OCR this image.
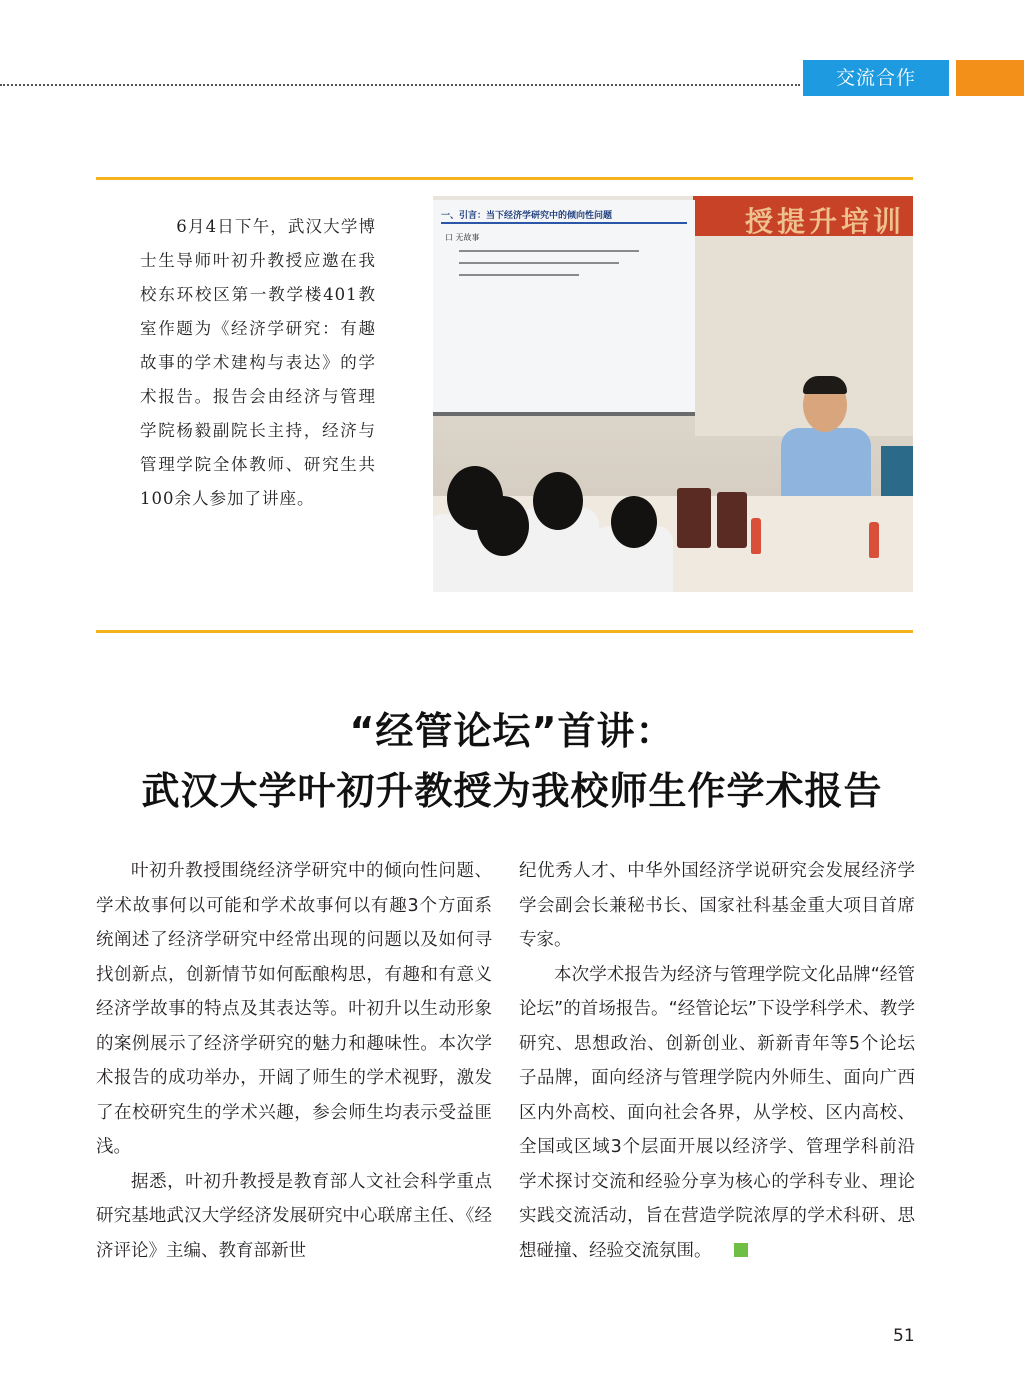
交流合作
6月4日下午，武汉大学博士生导师叶初升教授应邀在我校东环校区第一教学楼401教室作题为《经济学研究：有趣故事的学术建构与表达》的学术报告。报告会由经济与管理学院杨毅副院长主持，经济与管理学院全体教师、研究生共100余人参加了讲座。
授提升培训
一、引言：当下经济学研究中的倾向性问题
口 无故事
“经管论坛”首讲：
武汉大学叶初升教授为我校师生作学术报告

叶初升教授围绕经济学研究中的倾向性问题、学术故事何以可能和学术故事何以有趣3个方面系统阐述了经济学研究中经常出现的问题以及如何寻找创新点，创新情节如何酝酿构思，有趣和有意义经济学故事的特点及其表达等。叶初升以生动形象的案例展示了经济学研究的魅力和趣味性。本次学术报告的成功举办，开阔了师生的学术视野，激发了在校研究生的学术兴趣，参会师生均表示受益匪浅。

据悉，叶初升教授是教育部人文社会科学重点研究基地武汉大学经济发展研究中心联席主任、《经济评论》主编、教育部新世

纪优秀人才、中华外国经济学说研究会发展经济学学会副会长兼秘书长、国家社科基金重大项目首席专家。

本次学术报告为经济与管理学院文化品牌“经管论坛”的首场报告。“经管论坛”下设学科学术、教学研究、思想政治、创新创业、新新青年等5个论坛子品牌，面向经济与管理学院内外师生、面向广西区内外高校、面向社会各界，从学校、区内高校、全国或区域3个层面开展以经济学、管理学科前沿学术探讨交流和经验分享为核心的学科专业、理论实践交流活动，旨在营造学院浓厚的学术科研、思想碰撞、经验交流氛围。

51
